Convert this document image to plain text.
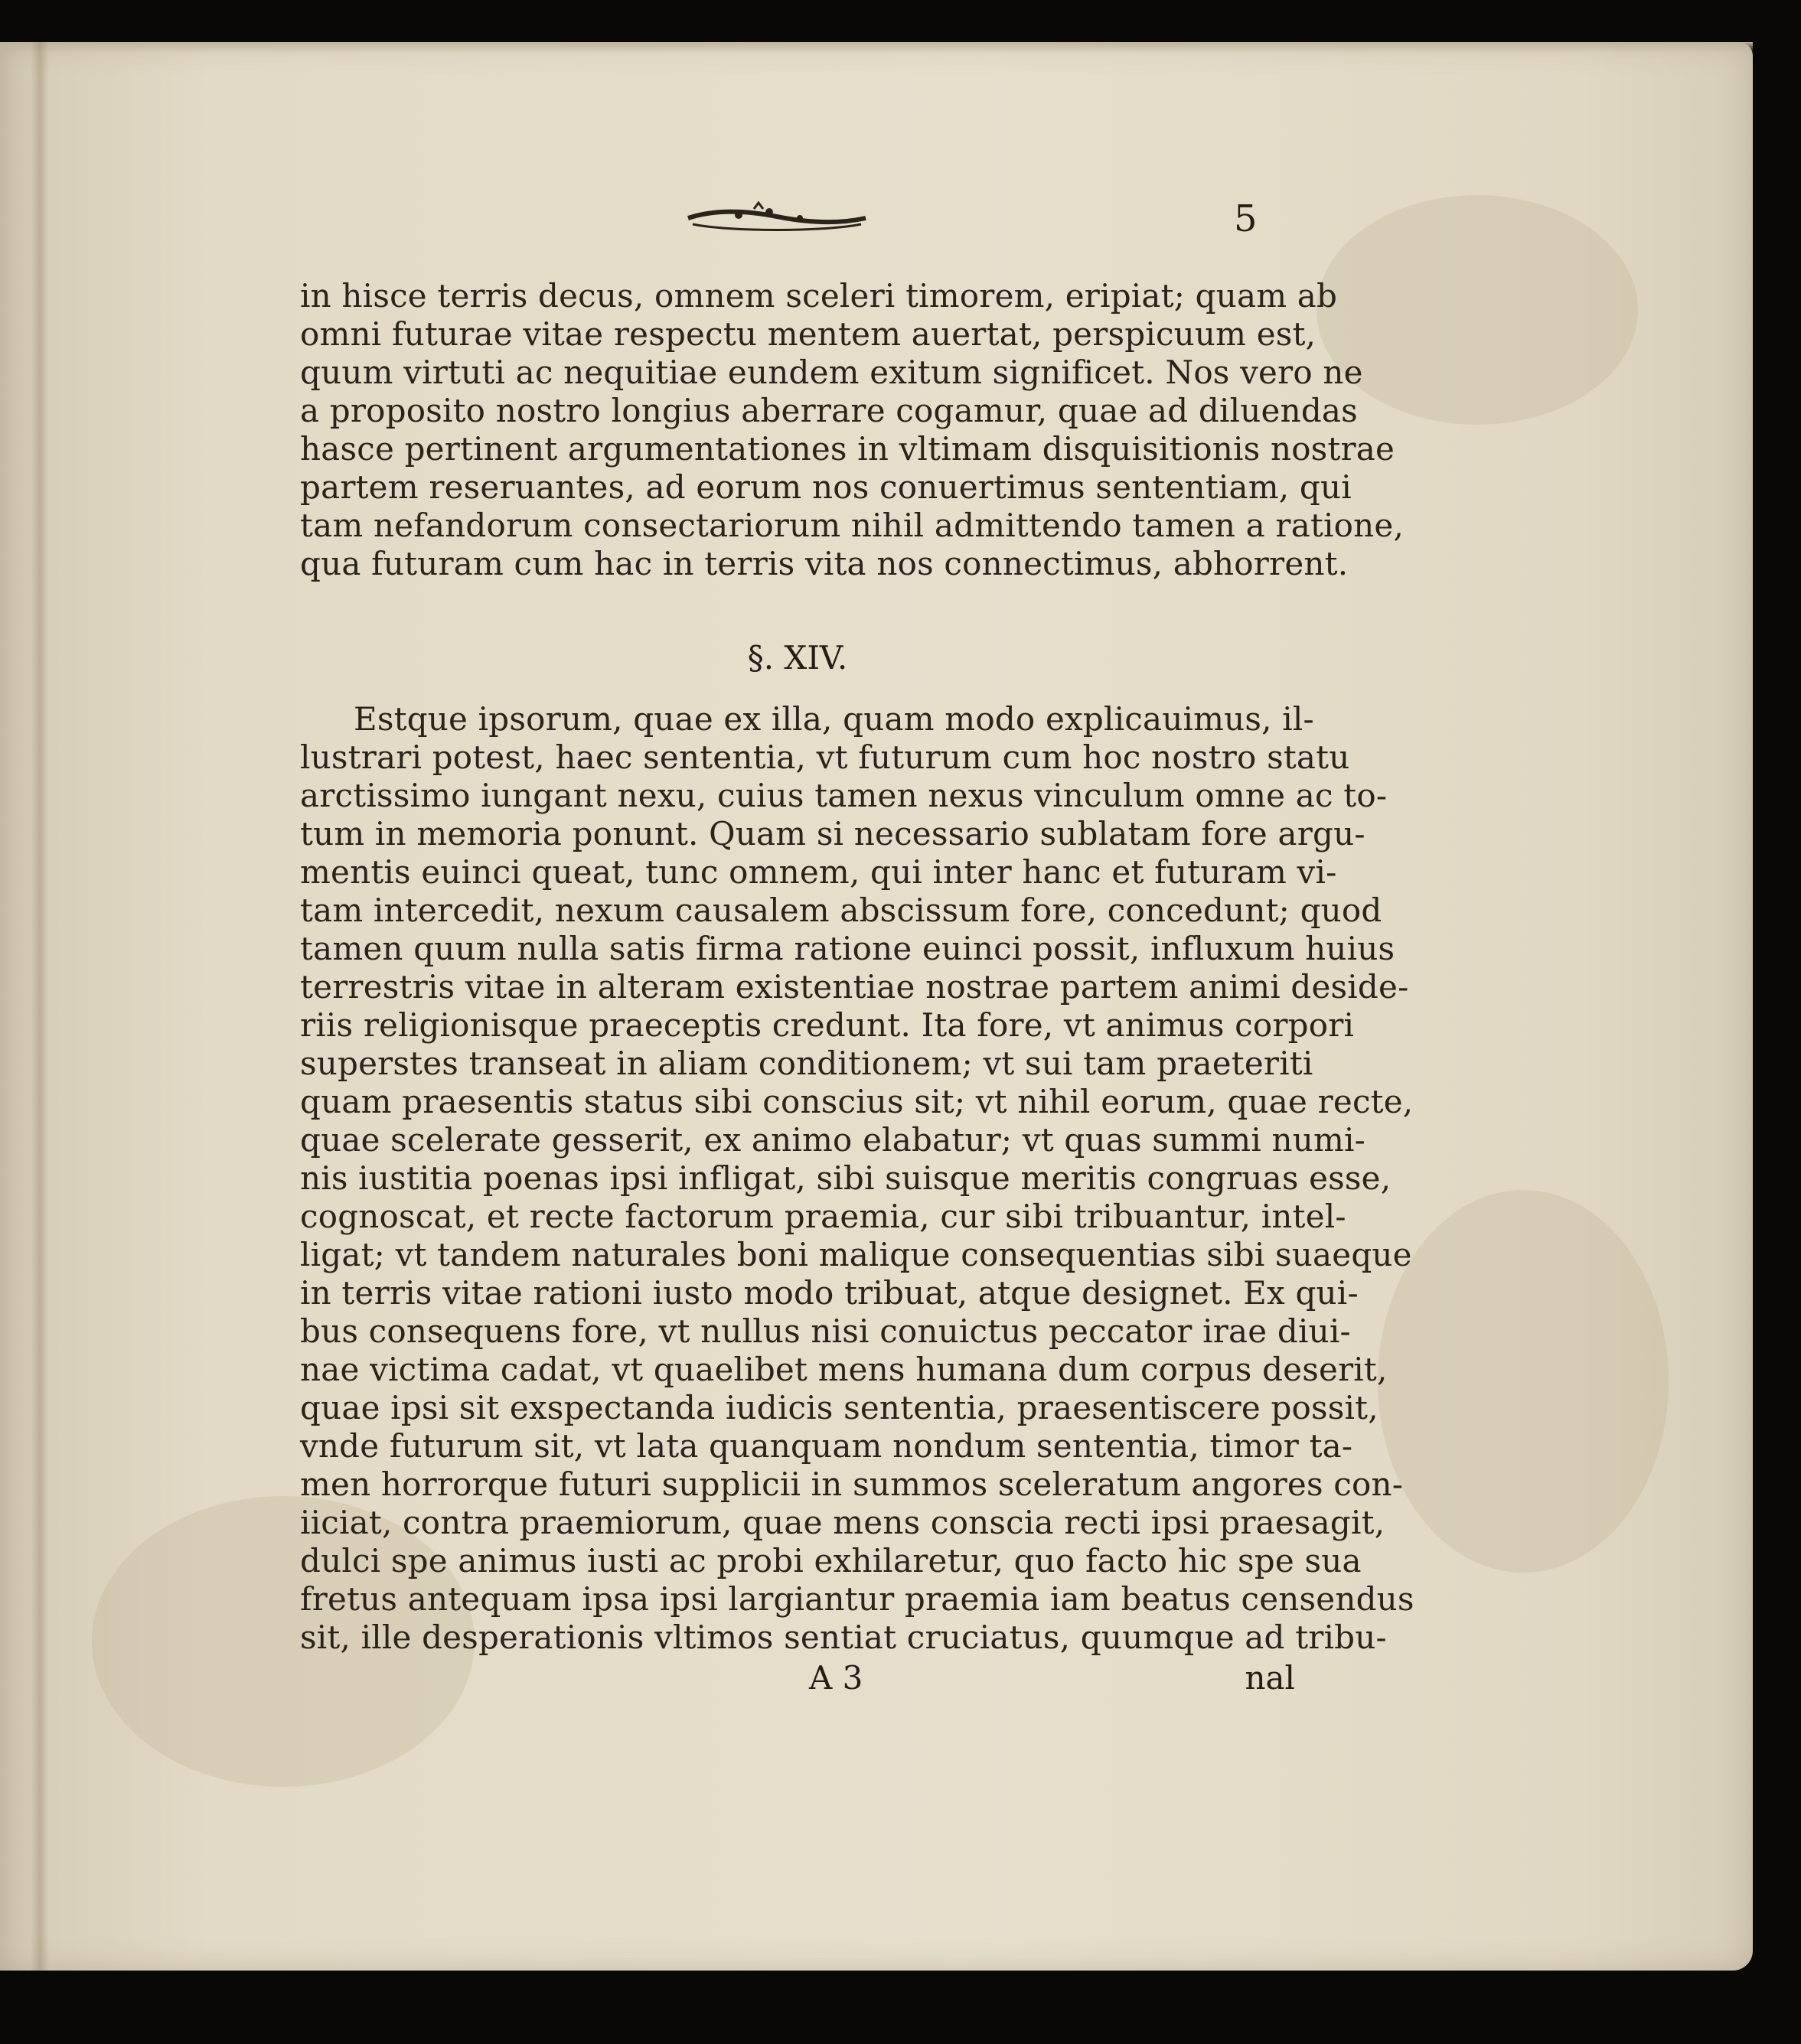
5
in hisce terris decus, omnem sceleri timorem, eripiat; quam ab
omni futurae vitae respectu mentem auertat, perspicuum est,
quum virtuti ac nequitiae eundem exitum significet. Nos vero ne
a proposito nostro longius aberrare cogamur, quae ad diluendas
hasce pertinent argumentationes in vltimam disquisitionis nostrae
partem reseruantes, ad eorum nos conuertimus sententiam, qui
tam nefandorum consectariorum nihil admittendo tamen a ratione,
qua futuram cum hac in terris vita nos connectimus, abhorrent.
§. XIV.
Estque ipsorum, quae ex illa, quam modo explicauimus, il-
lustrari potest, haec sententia, vt futurum cum hoc nostro statu
arctissimo iungant nexu, cuius tamen nexus vinculum omne ac to-
tum in memoria ponunt. Quam si necessario sublatam fore argu-
mentis euinci queat, tunc omnem, qui inter hanc et futuram vi-
tam intercedit, nexum causalem abscissum fore, concedunt; quod
tamen quum nulla satis firma ratione euinci possit, influxum huius
terrestris vitae in alteram existentiae nostrae partem animi deside-
riis religionisque praeceptis credunt. Ita fore, vt animus corpori
superstes transeat in aliam conditionem; vt sui tam praeteriti
quam praesentis status sibi conscius sit; vt nihil eorum, quae recte,
quae scelerate gesserit, ex animo elabatur; vt quas summi numi-
nis iustitia poenas ipsi infligat, sibi suisque meritis congruas esse,
cognoscat, et recte factorum praemia, cur sibi tribuantur, intel-
ligat; vt tandem naturales boni malique consequentias sibi suaeque
in terris vitae rationi iusto modo tribuat, atque designet. Ex qui-
bus consequens fore, vt nullus nisi conuictus peccator irae diui-
nae victima cadat, vt quaelibet mens humana dum corpus deserit,
quae ipsi sit exspectanda iudicis sententia, praesentiscere possit,
vnde futurum sit, vt lata quanquam nondum sententia, timor ta-
men horrorque futuri supplicii in summos sceleratum angores con-
iiciat, contra praemiorum, quae mens conscia recti ipsi praesagit,
dulci spe animus iusti ac probi exhilaretur, quo facto hic spe sua
fretus antequam ipsa ipsi largiantur praemia iam beatus censendus
sit, ille desperationis vltimos sentiat cruciatus, quumque ad tribu-
A 3	nal
